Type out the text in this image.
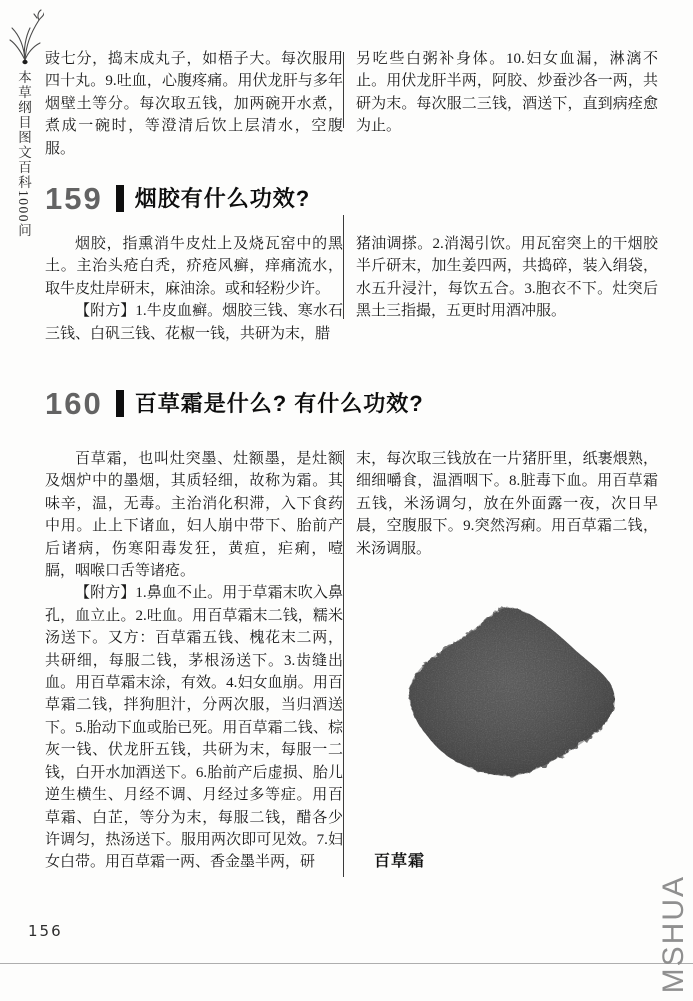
本草纲目图文百科1000问
豉七分，捣末成丸子，如梧子大。每次服用四十丸。9.吐血，心腹疼痛。用伏龙肝与多年烟壁土等分。每次取五钱，加两碗开水煮，煮成一碗时，等澄清后饮上层清水，空腹服。
另吃些白粥补身体。10.妇女血漏，淋漓不止。用伏龙肝半两，阿胶、炒蚕沙各一两，共研为末。每次服二三钱，酒送下，直到病痊愈为止。
159 烟胶有什么功效?

烟胶，指熏消牛皮灶上及烧瓦窑中的黑土。主治头疮白秃，疥疮风癣，痒痛流水，取牛皮灶岸研末，麻油涂。或和轻粉少许。

【附方】1.牛皮血癣。烟胶三钱、寒水石三钱、白矾三钱、花椒一钱，共研为末，腊

猪油调搽。2.消渴引饮。用瓦窑突上的干烟胶半斤研末，加生姜四两，共捣碎，装入绢袋，水五升浸汁，每饮五合。3.胞衣不下。灶突后黑土三指撮，五更时用酒冲服。
160 百草霜是什么? 有什么功效?

百草霜，也叫灶突墨、灶额墨，是灶额及烟炉中的墨烟，其质轻细，故称为霜。其味辛，温，无毒。主治消化积滞，入下食药中用。止上下诸血，妇人崩中带下、胎前产后诸病，伤寒阳毒发狂，黄疸，疟痢，噎膈，咽喉口舌等诸疮。

【附方】1.鼻血不止。用于草霜末吹入鼻孔，血立止。2.吐血。用百草霜末二钱，糯米汤送下。又方：百草霜五钱、槐花末二两，共研细，每服二钱，茅根汤送下。3.齿缝出血。用百草霜末涂，有效。4.妇女血崩。用百草霜二钱，拌狗胆汁，分两次服，当归酒送下。5.胎动下血或胎已死。用百草霜二钱、棕灰一钱、伏龙肝五钱，共研为末，每服一二钱，白开水加酒送下。6.胎前产后虚损、胎儿逆生横生、月经不调、月经过多等症。用百草霜、白芷，等分为末，每服二钱，醋各少许调匀，热汤送下。服用两次即可见效。7.妇女白带。用百草霜一两、香金墨半两，研

末，每次取三钱放在一片猪肝里，纸裹煨熟，细细嚼食，温酒咽下。8.脏毒下血。用百草霜五钱，米汤调匀，放在外面露一夜，次日早晨，空腹服下。9.突然泻痢。用百草霜二钱，米汤调服。
百草霜
156	MSHUA
